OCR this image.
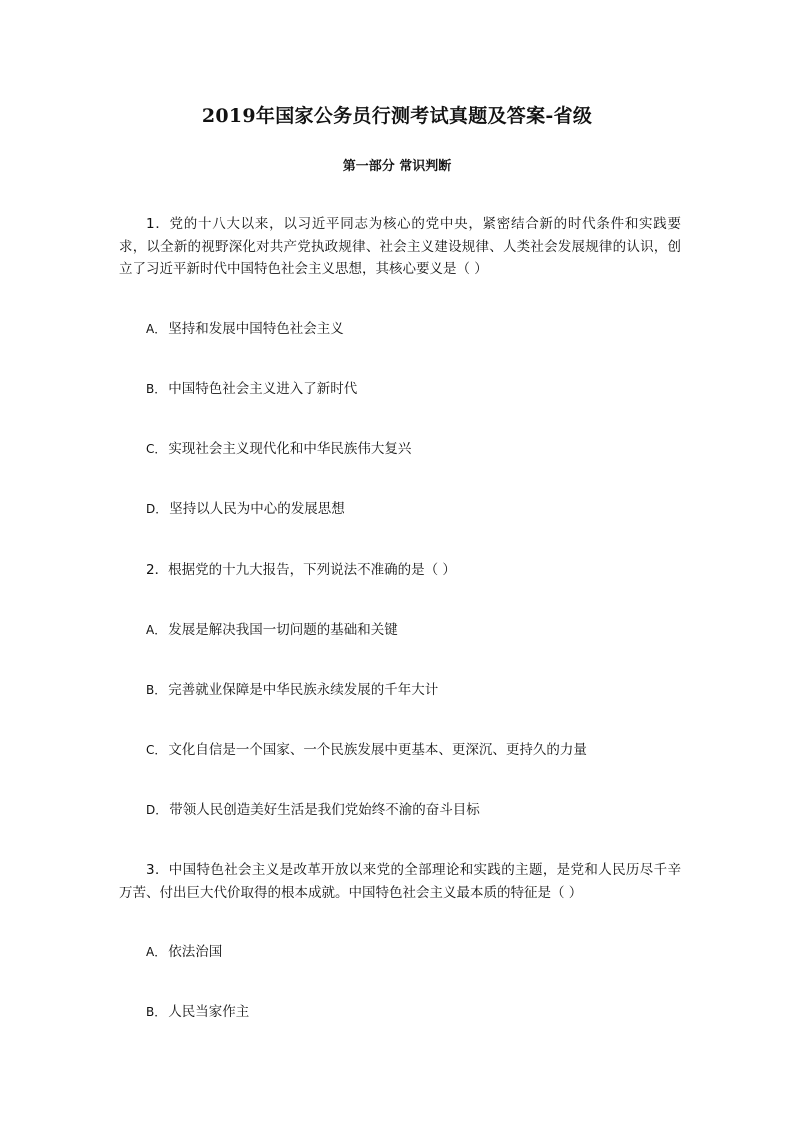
2019年国家公务员行测考试真题及答案-省级
第一部分 常识判断

1．党的十八大以来，以习近平同志为核心的党中央，紧密结合新的时代条件和实践要求，以全新的视野深化对共产党执政规律、社会主义建设规律、人类社会发展规律的认识，创立了习近平新时代中国特色社会主义思想，其核心要义是（ ）

A． 坚持和发展中国特色社会主义

B． 中国特色社会主义进入了新时代

C． 实现社会主义现代化和中华民族伟大复兴

D． 坚持以人民为中心的发展思想

2．根据党的十九大报告，下列说法不准确的是（ ）

A． 发展是解决我国一切问题的基础和关键

B． 完善就业保障是中华民族永续发展的千年大计

C． 文化自信是一个国家、一个民族发展中更基本、更深沉、更持久的力量

D． 带领人民创造美好生活是我们党始终不渝的奋斗目标

3．中国特色社会主义是改革开放以来党的全部理论和实践的主题，是党和人民历尽千辛万苦、付出巨大代价取得的根本成就。中国特色社会主义最本质的特征是（ ）

A． 依法治国

B． 人民当家作主
